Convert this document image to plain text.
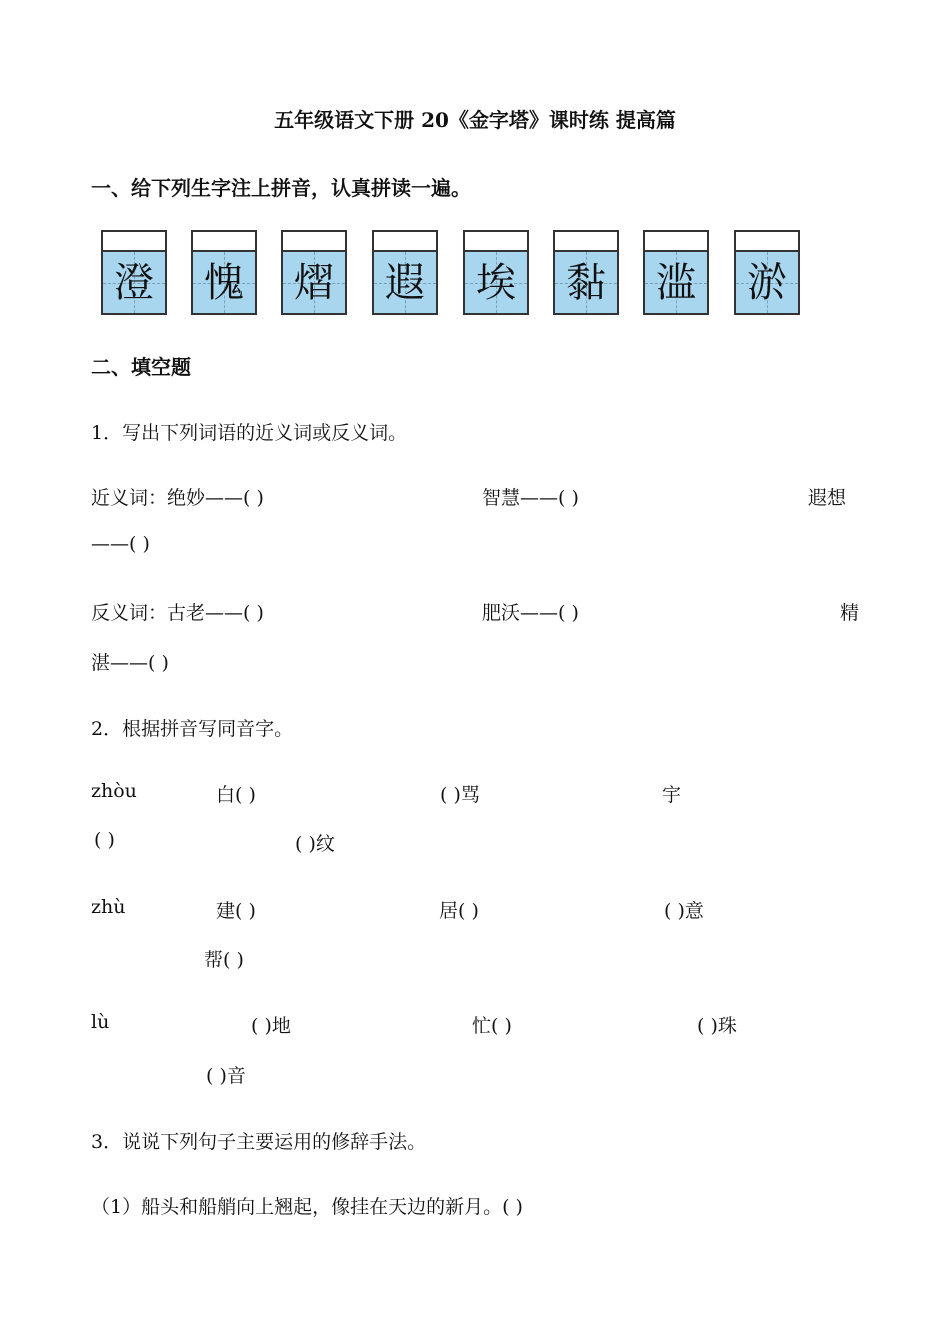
五年级语文下册 20《金字塔》课时练 提高篇
一、给下列生字注上拼音，认真拼读一遍。
澄 愧 熠 遐 埃 黏 滥 淤
二、填空题
1．写出下列词语的近义词或反义词。
近义词：绝妙——( )	智慧——( )	遐想
——( )
反义词：古老——( )	肥沃——( )	精
湛——( )
2．根据拼音写同音字。
zhòu	白( )	( )骂	宇
( )	( )纹
zhù	建( )	居( )	( )意
帮( )
lù	( )地	忙( )	( )珠
( )音
3．说说下列句子主要运用的修辞手法。
（1）船头和船艄向上翘起，像挂在天边的新月。( )
